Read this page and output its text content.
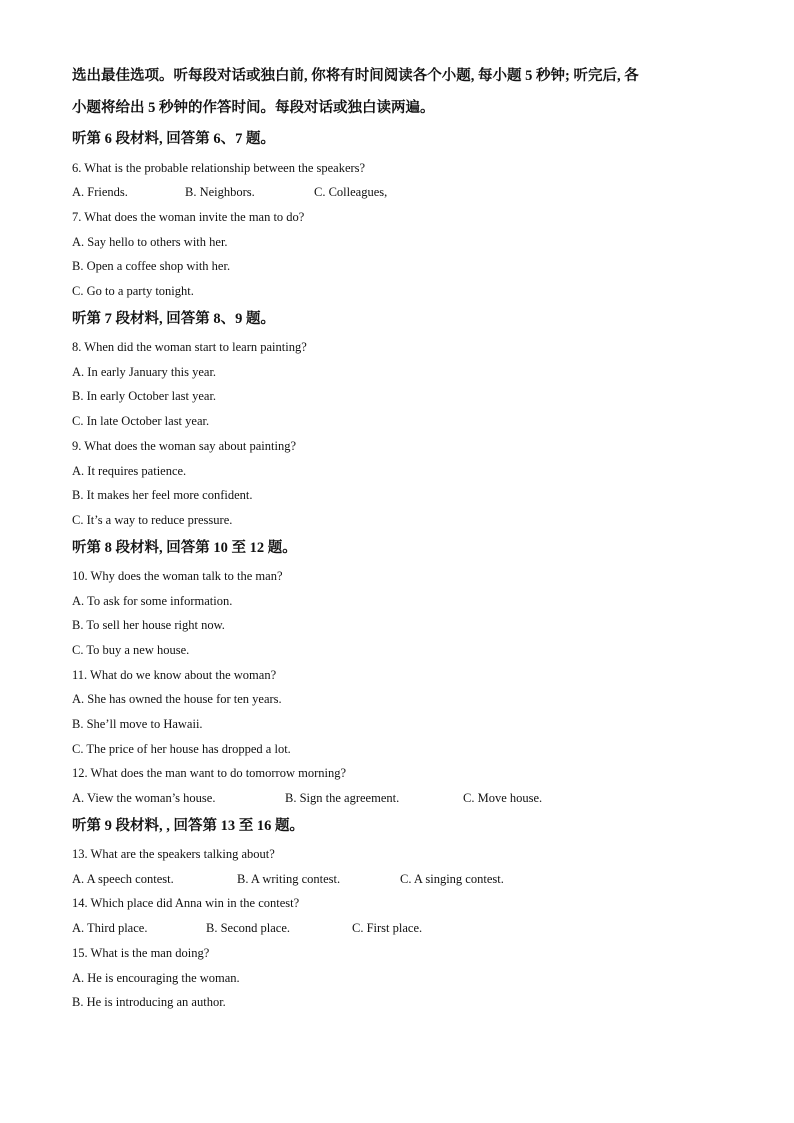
选出最佳选项。听每段对话或独白前, 你将有时间阅读各个小题, 每小题 5 秒钟; 听完后, 各
小题将给出 5 秒钟的作答时间。每段对话或独白读两遍。
听第 6 段材料, 回答第 6、7 题。
6. What is the probable relationship between the speakers?
A. Friends.	B. Neighbors.	C. Colleagues,
7. What does the woman invite the man to do?
A. Say hello to others with her.
B. Open a coffee shop with her.
C. Go to a party tonight.
听第 7 段材料, 回答第 8、9 题。
8. When did the woman start to learn painting?
A. In early January this year.
B. In early October last year.
C. In late October last year.
9. What does the woman say about painting?
A. It requires patience.
B. It makes her feel more confident.
C. It’s a way to reduce pressure.
听第 8 段材料, 回答第 10 至 12 题。
10. Why does the woman talk to the man?
A. To ask for some information.
B. To sell her house right now.
C. To buy a new house.
11. What do we know about the woman?
A. She has owned the house for ten years.
B. She’ll move to Hawaii.
C. The price of her house has dropped a lot.
12. What does the man want to do tomorrow morning?
A. View the woman’s house.	B. Sign the agreement.	C. Move house.
听第 9 段材料, , 回答第 13 至 16 题。
13. What are the speakers talking about?
A. A speech contest.	B. A writing contest.	C. A singing contest.
14. Which place did Anna win in the contest?
A. Third place.	B. Second place.	C. First place.
15. What is the man doing?
A. He is encouraging the woman.
B. He is introducing an author.
